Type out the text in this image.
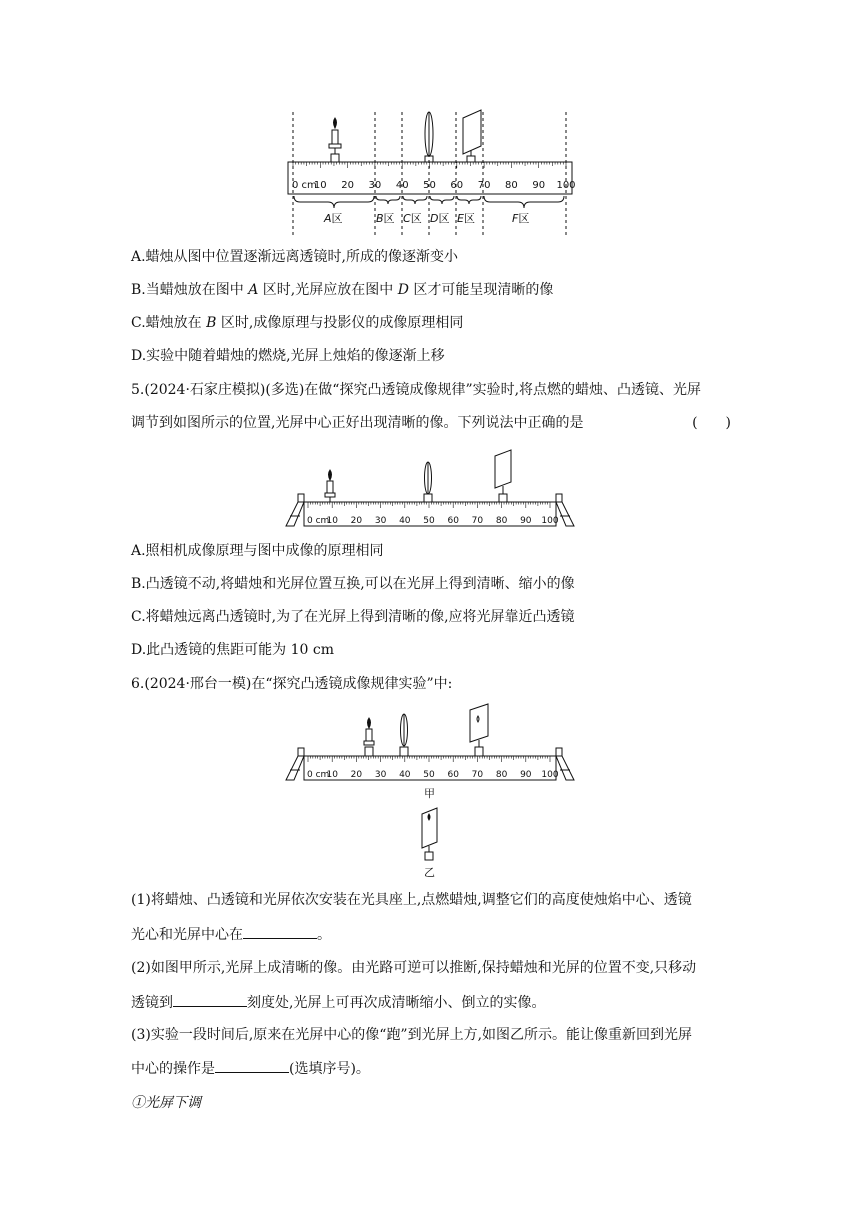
0 cm
10 20 30 40 50 60 70 80 90 100
A区	B区 C区 D区 E区	F区
A.蜡烛从图中位置逐渐远离透镜时,所成的像逐渐变小
B.当蜡烛放在图中 A 区时,光屏应放在图中 D 区才可能呈现清晰的像
C.蜡烛放在 B 区时,成像原理与投影仪的成像原理相同
D.实验中随着蜡烛的燃烧,光屏上烛焰的像逐渐上移
5.(2024·石家庄模拟)(多选)在做“探究凸透镜成像规律”实验时,将点燃的蜡烛、凸透镜、光屏
调节到如图所示的位置,光屏中心正好出现清晰的像。下列说法中正确的是	(　　)
0 cm
10 20 30 40 50 60 70 80 90 100
A.照相机成像原理与图中成像的原理相同
B.凸透镜不动,将蜡烛和光屏位置互换,可以在光屏上得到清晰、缩小的像
C.将蜡烛远离凸透镜时,为了在光屏上得到清晰的像,应将光屏靠近凸透镜
D.此凸透镜的焦距可能为 10 cm
6.(2024·邢台一模)在“探究凸透镜成像规律实验”中:
0 cm
10 20 30 40 50 60 70 80 90 100
甲
乙
(1)将蜡烛、凸透镜和光屏依次安装在光具座上,点燃蜡烛,调整它们的高度使烛焰中心、透镜
光心和光屏中心在	。
(2)如图甲所示,光屏上成清晰的像。由光路可逆可以推断,保持蜡烛和光屏的位置不变,只移动
透镜到	刻度处,光屏上可再次成清晰缩小、倒立的实像。
(3)实验一段时间后,原来在光屏中心的像“跑”到光屏上方,如图乙所示。能让像重新回到光屏
中心的操作是	(选填序号)。
①光屏下调
